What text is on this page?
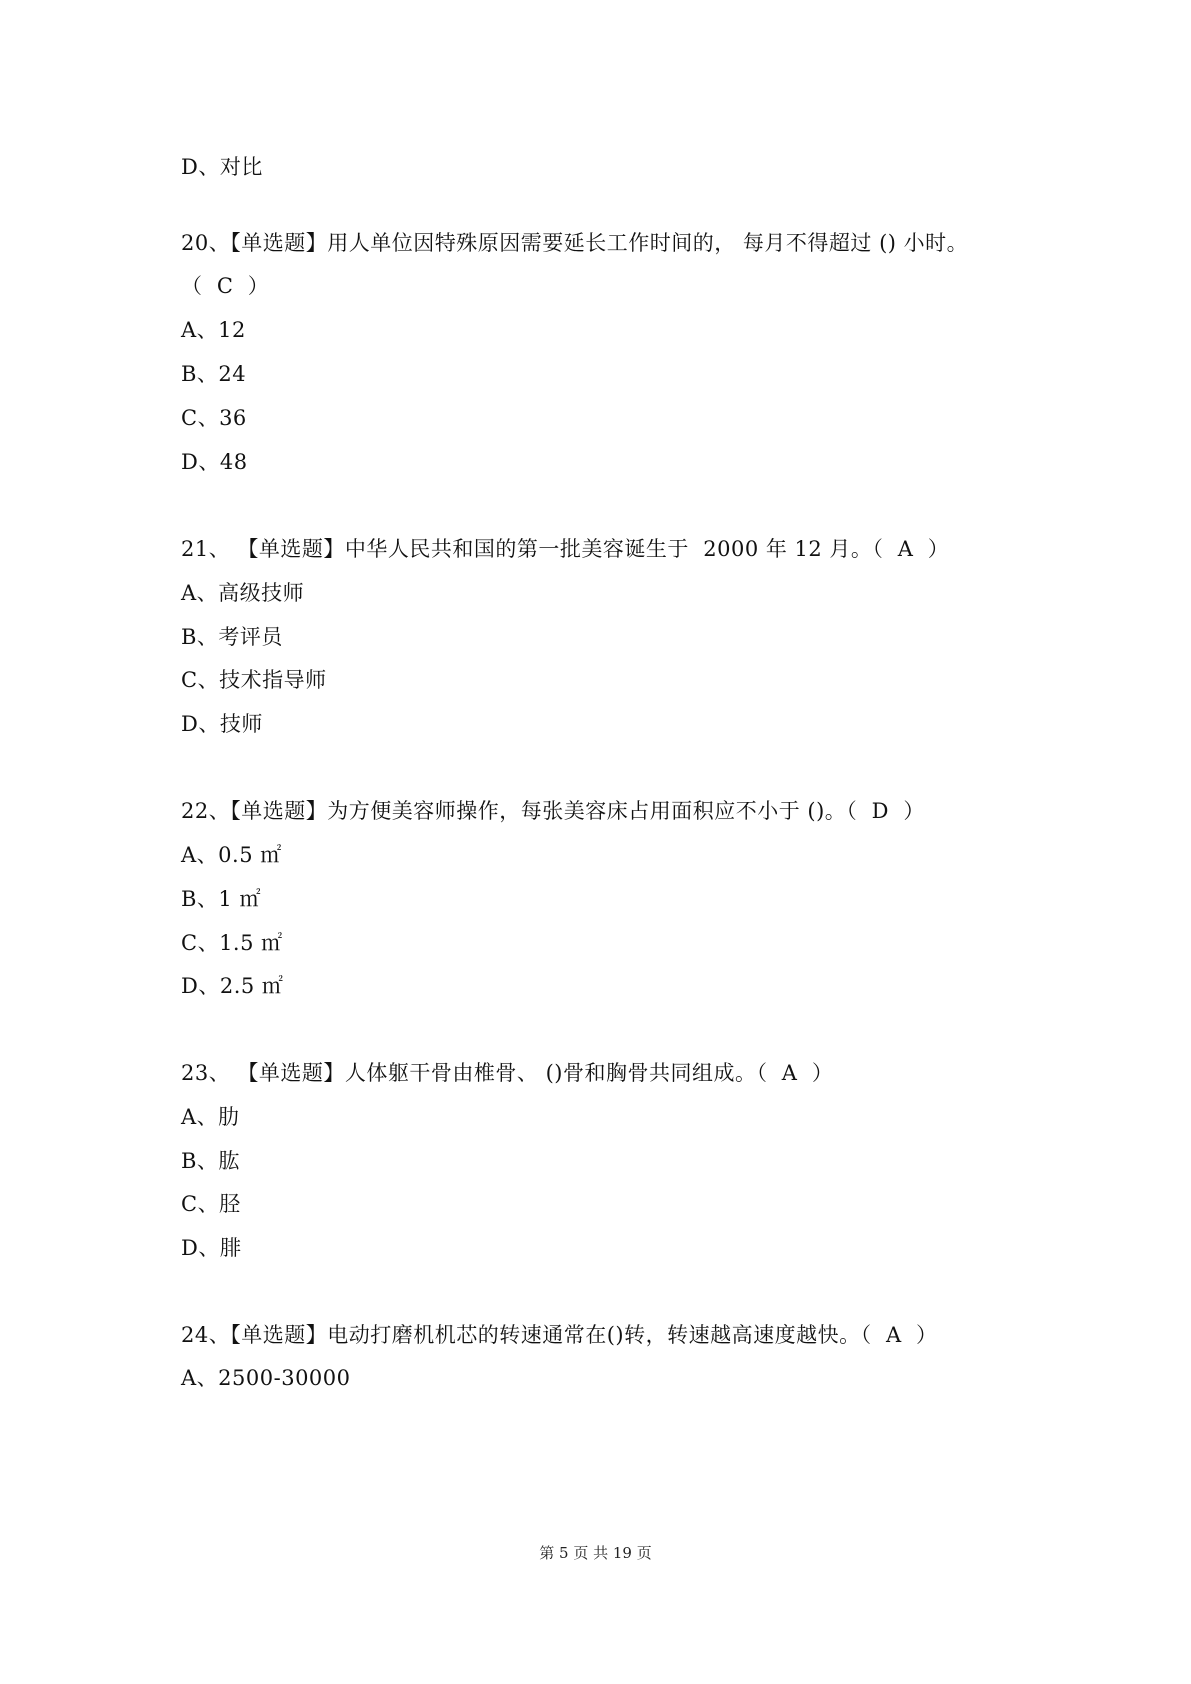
D、对比

20、【单选题】用人单位因特殊原因需要延长工作时间的， 每月不得超过 () 小时。

（  C  ）

A、12

B、24

C、36

D、48

21、 【单选题】中华人民共和国的第一批美容诞生于  2000 年 12 月。（  A  ）

A、高级技师

B、考评员

C、技术指导师

D、技师

22、【单选题】为方便美容师操作，每张美容床占用面积应不小于 ()。（  D  ）

A、0.5 ㎡

B、1 ㎡

C、1.5 ㎡

D、2.5 ㎡

23、 【单选题】人体躯干骨由椎骨、 ()骨和胸骨共同组成。（  A  ）

A、肋

B、肱

C、胫

D、腓

24、【单选题】电动打磨机机芯的转速通常在()转，转速越高速度越快。（  A  ）

A、2500-30000

第 5 页 共 19 页
